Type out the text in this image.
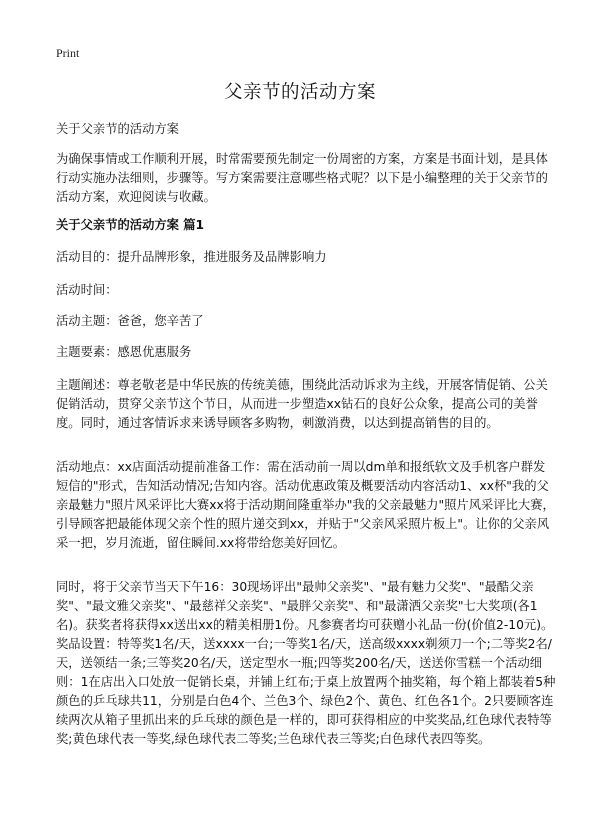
Print
父亲节的活动方案

关于父亲节的活动方案

为确保事情或工作顺利开展，时常需要预先制定一份周密的方案，方案是书面计划，是具体行动实施办法细则，步骤等。写方案需要注意哪些格式呢？以下是小编整理的关于父亲节的活动方案，欢迎阅读与收藏。

关于父亲节的活动方案 篇1

活动目的：提升品牌形象，推进服务及品牌影响力

活动时间：

活动主题：爸爸，您辛苦了

主题要素：感恩优惠服务

主题阐述：尊老敬老是中华民族的传统美德，围绕此活动诉求为主线，开展客情促销、公关促销活动，贯穿父亲节这个节日，从而进一步塑造xx钻石的良好公众象，提高公司的美誉度。同时，通过客情诉求来诱导顾客多购物，刺激消费，以达到提高销售的目的。

活动地点：xx店面活动提前准备工作：需在活动前一周以dm单和报纸软文及手机客户群发短信的"形式，告知活动情况;告知内容。活动优惠政策及概要活动内容活动1、xx杯"我的父亲最魅力"照片风采评比大赛xx将于活动期间隆重举办"我的父亲最魅力"照片风采评比大赛，引导顾客把最能体现父亲个性的照片递交到xx，并贴于"父亲风采照片板上"。让你的父亲风采一把，岁月流逝，留住瞬间.xx将带给您美好回忆。

同时，将于父亲节当天下午16：30现场评出"最帅父亲奖"、"最有魅力父奖"、"最酷父亲奖"、"最文雅父亲奖"、"最慈祥父亲奖"、"最胖父亲奖"、和"最潇洒父亲奖"七大奖项(各1名)。获奖者将获得xx送出xx的精美相册1份。凡参赛者均可获赠小礼品一份(价值2-10元)。奖品设置：特等奖1名/天，送xxxx一台;一等奖1名/天，送高级xxxx剃须刀一个;二等奖2名/天，送领结一条;三等奖20名/天，送定型水一瓶;四等奖200名/天，送送你雪糕一个活动细则：1在店出入口处放一促销长桌，并铺上红布;于桌上放置两个抽奖箱，每个箱上都装着5种颜色的乒乓球共11，分别是白色4个、兰色3个、绿色2个、黄色、红色各1个。2只要顾客连续两次从箱子里抓出来的乒乓球的颜色是一样的，即可获得相应的中奖奖品,红色球代表特等奖;黄色球代表一等奖,绿色球代表二等奖;兰色球代表三等奖;白色球代表四等奖。
